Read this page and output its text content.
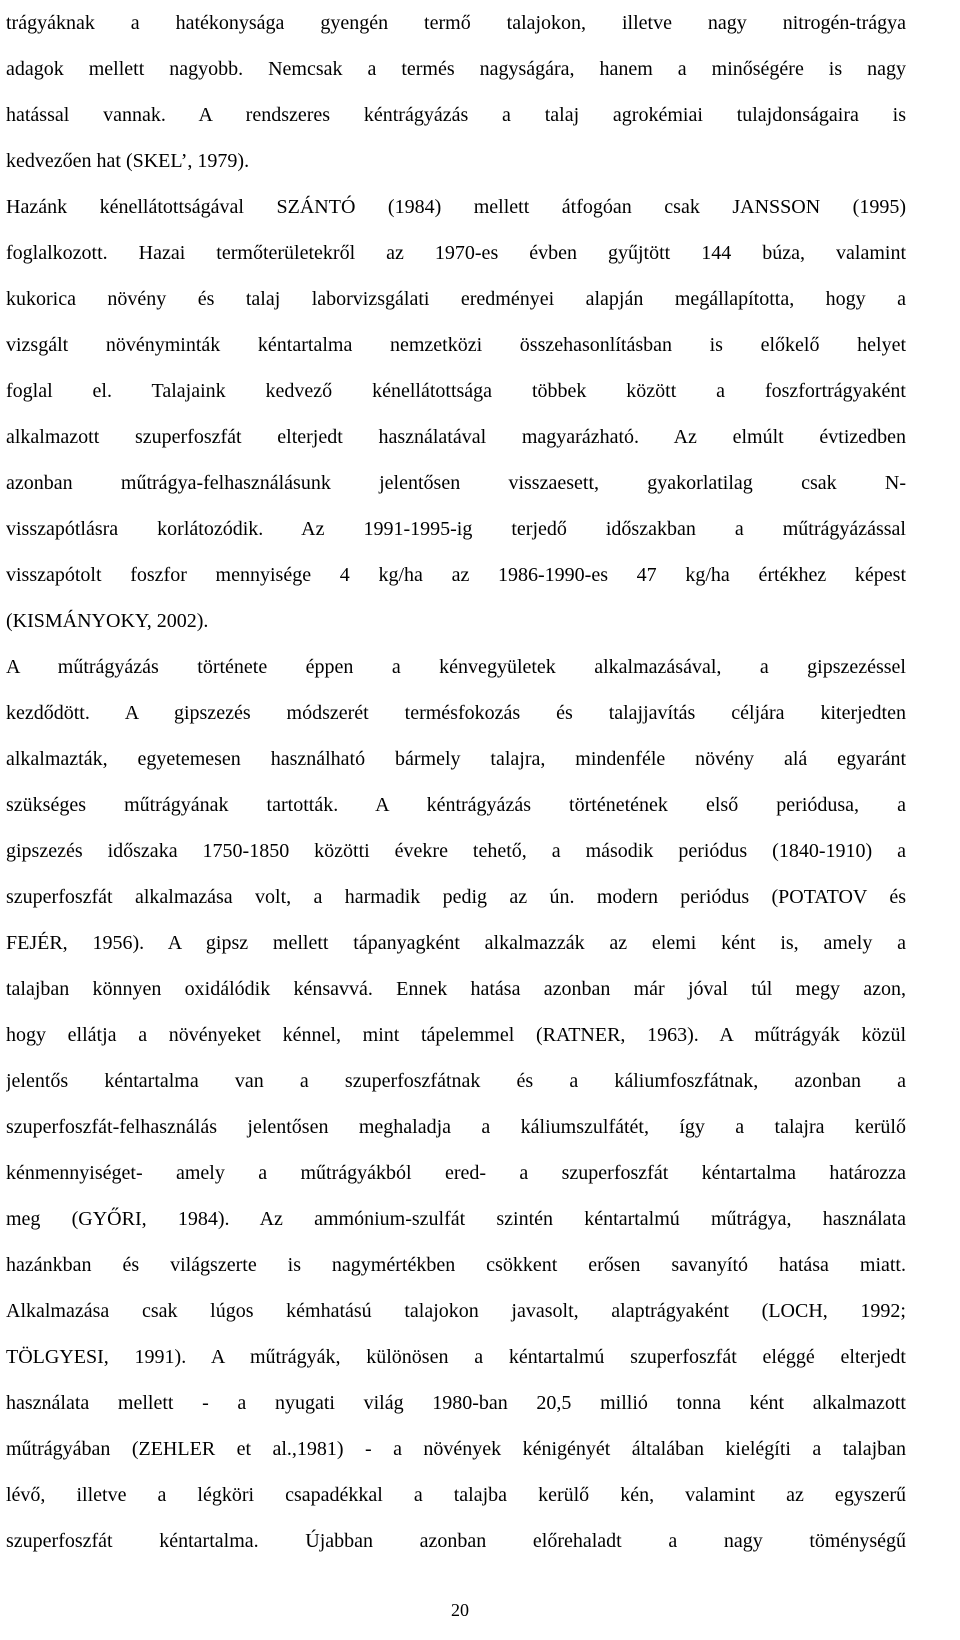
trágyáknak a hatékonysága gyengén termő talajokon, illetve nagy nitrogén-trágya
adagok mellett nagyobb. Nemcsak a termés nagyságára, hanem a minőségére is nagy
hatással vannak. A rendszeres kéntrágyázás a talaj agrokémiai tulajdonságaira is
kedvezően hat (SKEL’, 1979).
Hazánk kénellátottságával SZÁNTÓ (1984) mellett átfogóan csak JANSSON (1995)
foglalkozott. Hazai termőterületekről az 1970-es évben gyűjtött 144 búza, valamint
kukorica növény és talaj laborvizsgálati eredményei alapján megállapította, hogy a
vizsgált növényminták kéntartalma nemzetközi összehasonlításban is előkelő helyet
foglal el. Talajaink kedvező kénellátottsága többek között a foszfortrágyaként
alkalmazott szuperfoszfát elterjedt használatával magyarázható. Az elmúlt évtizedben
azonban műtrágya-felhasználásunk jelentősen visszaesett, gyakorlatilag csak N-
visszapótlásra korlátozódik. Az 1991-1995-ig terjedő időszakban a műtrágyázással
visszapótolt foszfor mennyisége 4 kg/ha az 1986-1990-es 47 kg/ha értékhez képest
(KISMÁNYOKY, 2002).
A műtrágyázás története éppen a kénvegyületek alkalmazásával, a gipszezéssel
kezdődött. A gipszezés módszerét termésfokozás és talajjavítás céljára kiterjedten
alkalmazták, egyetemesen használható bármely talajra, mindenféle növény alá egyaránt
szükséges műtrágyának tartották. A kéntrágyázás történetének első periódusa, a
gipszezés időszaka 1750-1850 közötti évekre tehető, a második periódus (1840-1910) a
szuperfoszfát alkalmazása volt, a harmadik pedig az ún. modern periódus (POTATOV és
FEJÉR, 1956). A gipsz mellett tápanyagként alkalmazzák az elemi ként is, amely a
talajban könnyen oxidálódik kénsavvá. Ennek hatása azonban már jóval túl megy azon,
hogy ellátja a növényeket kénnel, mint tápelemmel (RATNER, 1963). A műtrágyák közül
jelentős kéntartalma van a szuperfoszfátnak és a káliumfoszfátnak, azonban a
szuperfoszfát-felhasználás jelentősen meghaladja a káliumszulfátét, így a talajra kerülő
kénmennyiséget- amely a műtrágyákból ered- a szuperfoszfát kéntartalma határozza
meg (GYŐRI, 1984). Az ammónium-szulfát szintén kéntartalmú műtrágya, használata
hazánkban és világszerte is nagymértékben csökkent erősen savanyító hatása miatt.
Alkalmazása csak lúgos kémhatású talajokon javasolt, alaptrágyaként (LOCH, 1992;
TÖLGYESI, 1991). A műtrágyák, különösen a kéntartalmú szuperfoszfát eléggé elterjedt
használata mellett - a nyugati világ 1980-ban 20,5 millió tonna ként alkalmazott
műtrágyában (ZEHLER et al.,1981) - a növények kénigényét általában kielégíti a talajban
lévő, illetve a légköri csapadékkal a talajba kerülő kén, valamint az egyszerű
szuperfoszfát kéntartalma. Újabban azonban előrehaladt a nagy töménységű
20
